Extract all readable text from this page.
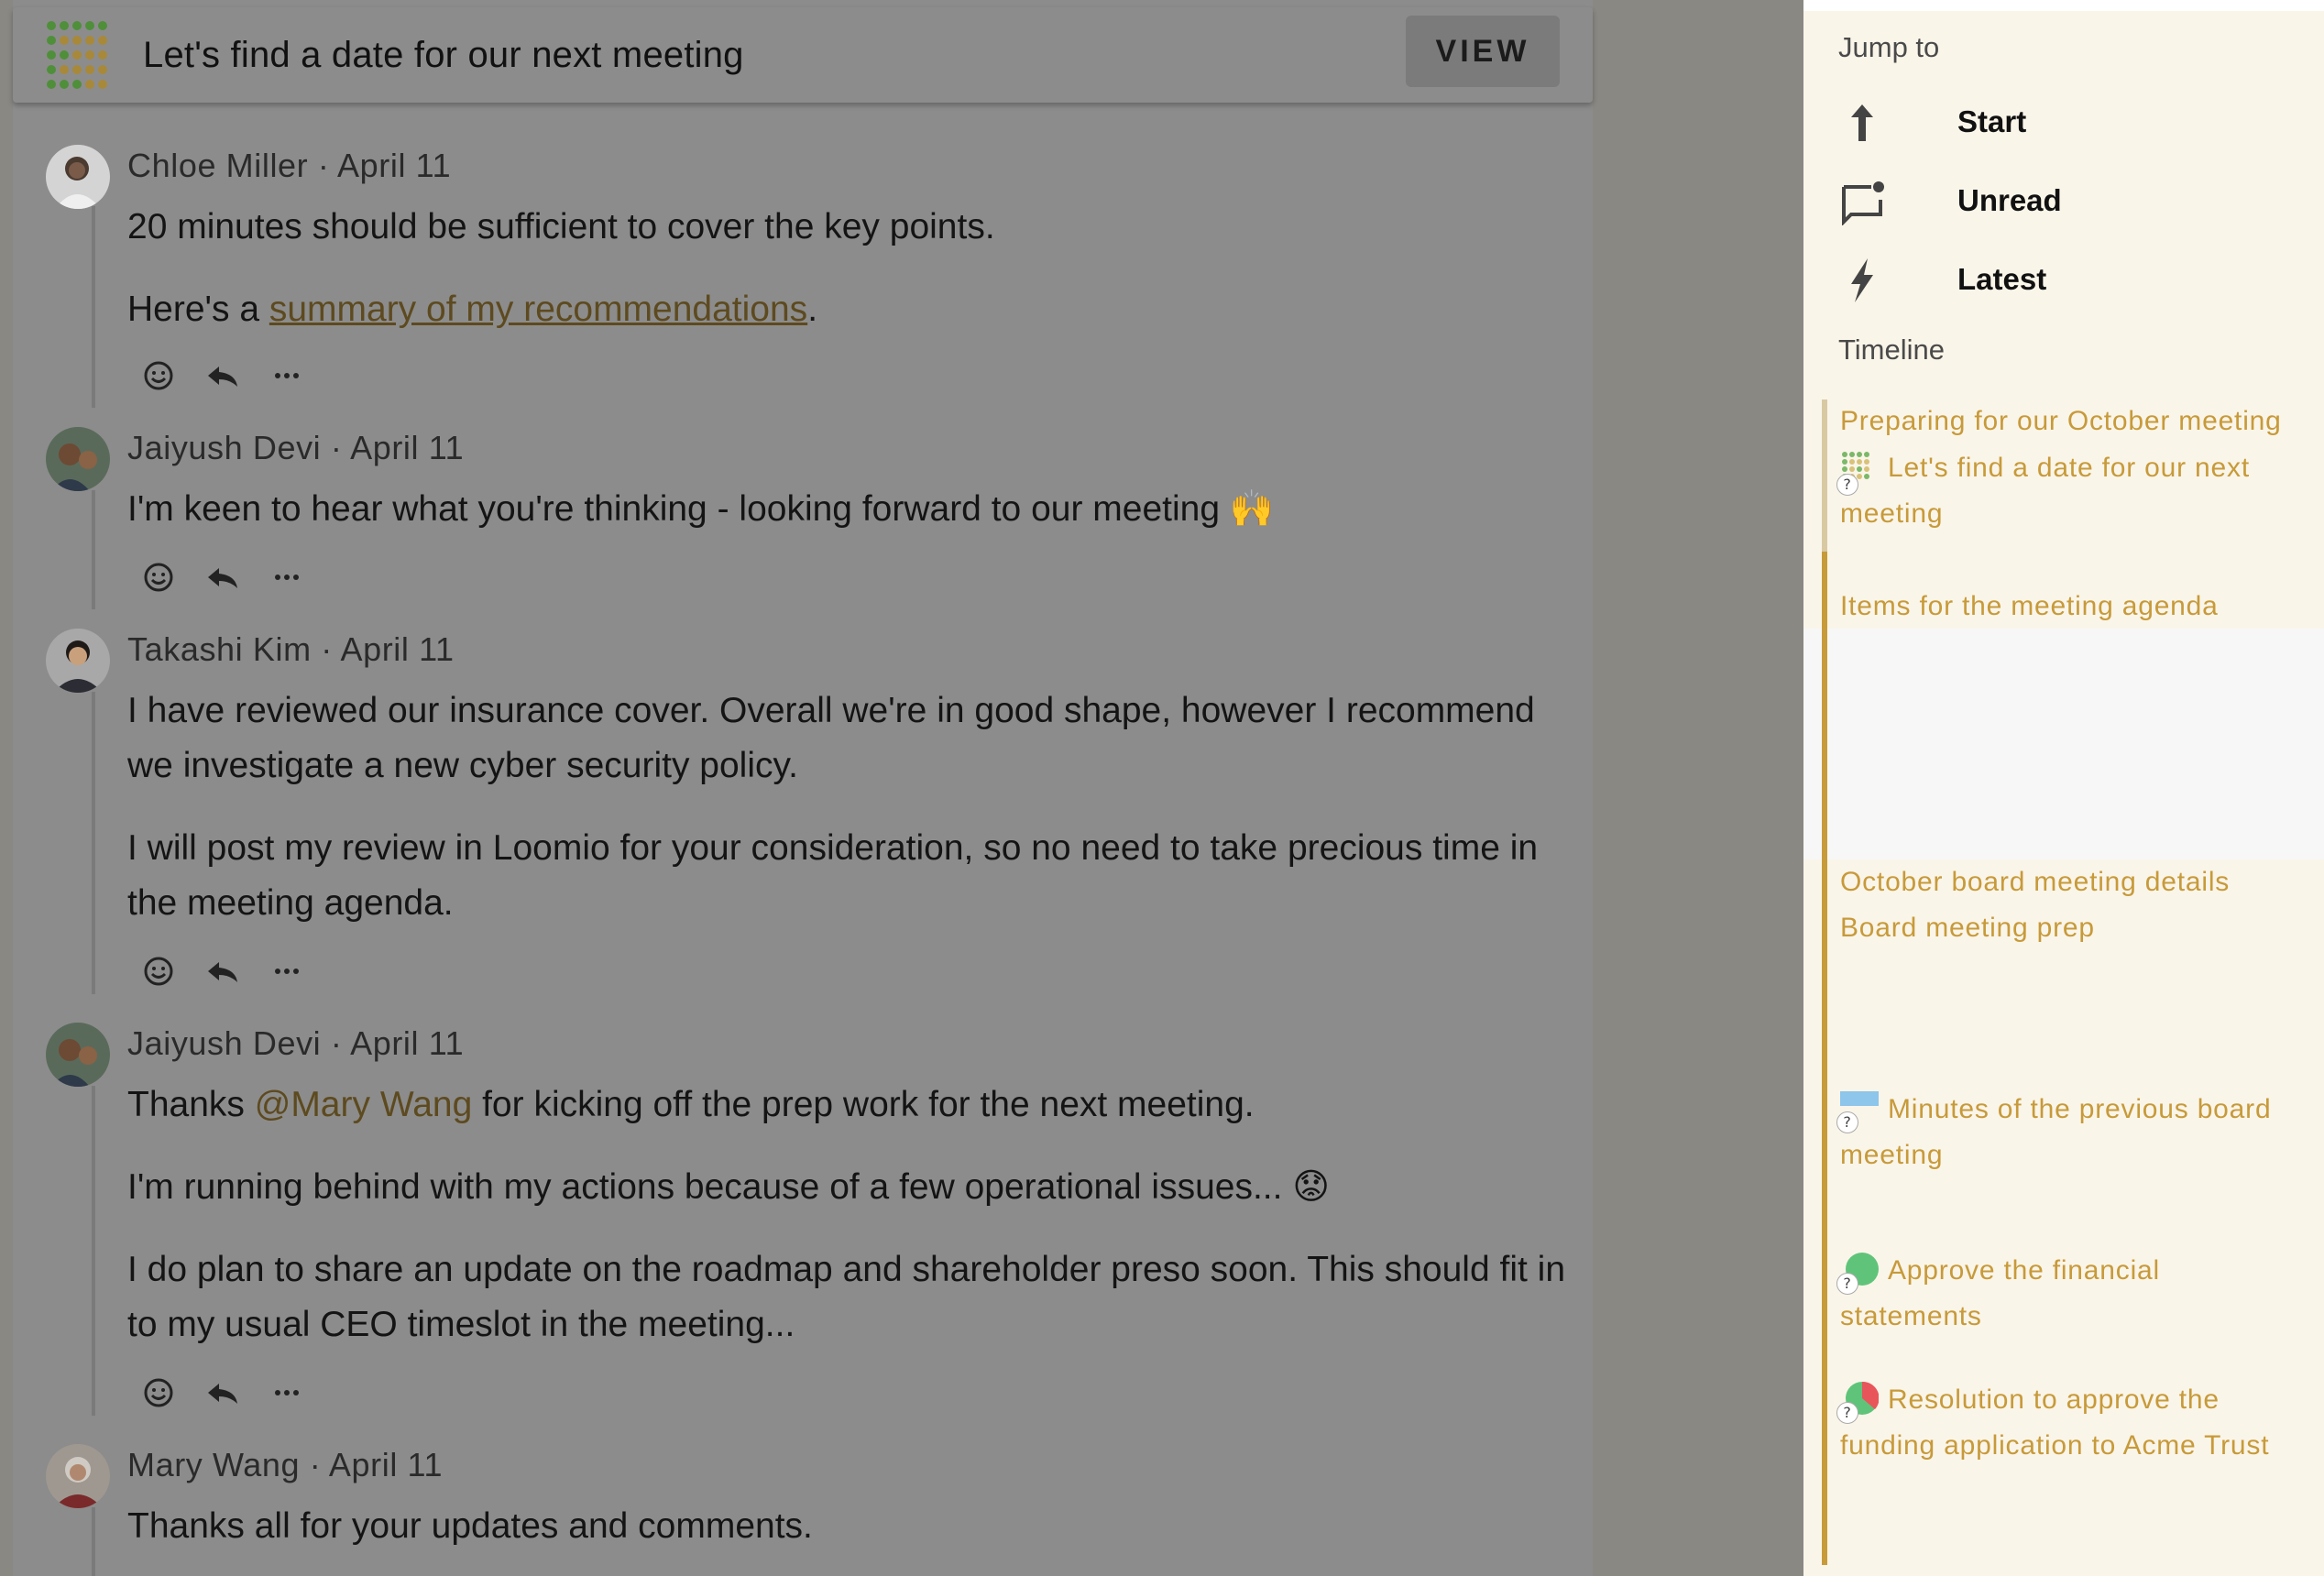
Chloe Miller · April 11
20 minutes should be sufficient to cover the key points.
Here's a summary of my recommendations.
Jaiyush Devi · April 11
I'm keen to hear what you're thinking - looking forward to our meeting 🙌
Takashi Kim · April 11
I have reviewed our insurance cover. Overall we're in good shape, however I recommend we investigate a new cyber security policy.
I will post my review in Loomio for your consideration, so no need to take precious time in the meeting agenda.
Jaiyush Devi · April 11
Thanks @Mary Wang for kicking off the prep work for the next meeting.
I'm running behind with my actions because of a few operational issues... 😟
I do plan to share an update on the roadmap and shareholder preso soon. This should fit in to my usual CEO timeslot in the meeting...
Mary Wang · April 11
Thanks all for your updates and comments.
Let's find a date for our next meeting	VIEW	Jump to
Start
Unread
Latest
Timeline
Preparing for our October meeting
?
Let's find a date for our next meeting
Items for the meeting agenda
October board meeting details
Board meeting prep
? Minutes of the previous board meeting
? Approve the financial statements
? Resolution to approve the funding application to Acme Trust
